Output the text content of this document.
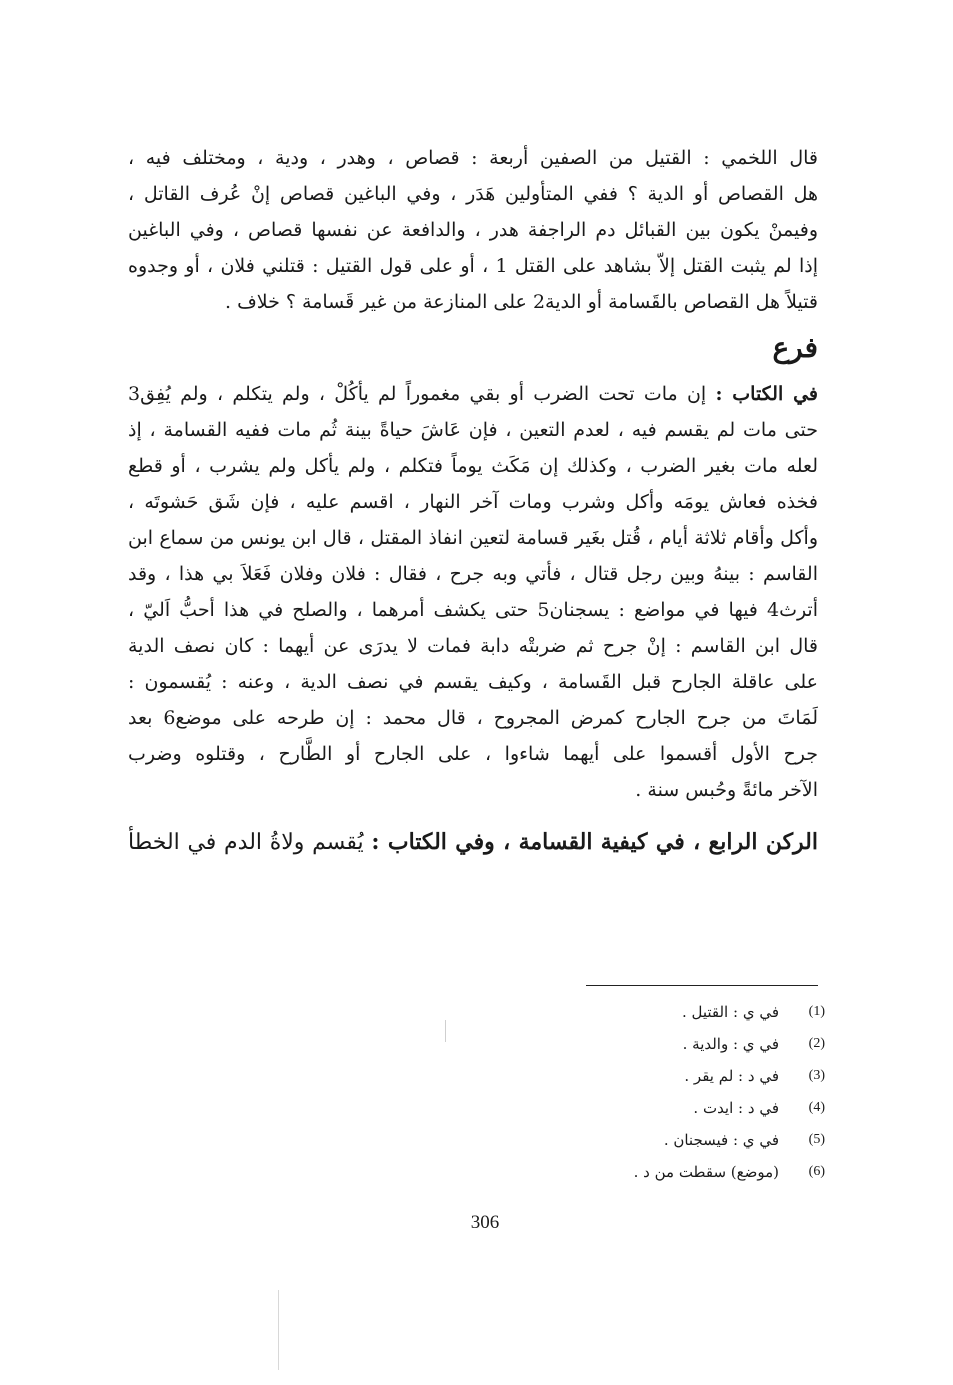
قال اللخمي : القتيل من الصفين أربعة : قصاص ، وهدر ، ودية ، ومختلف فيه ،
هل القصاص أو الدية ؟ ففي المتأولين هَدَر ، وفي الباغين قصاص إنْ عُرف القاتل ،
وفيمنْ يكون بين القبائل دم الراجفة هدر ، والدافعة عن نفسها قصاص ، وفي الباغين
إذا لم يثبت القتل إلاّ بشاهد على القتل 1 ، أو على قول القتيل : قتلني فلان ، أو وجدوه
قتيلاً هل القصاص بالقَسامة أو الدية2 على المنازعة من غير قَسامة ؟ خلاف .
فرع
في الكتاب : إن مات تحت الضرب أو بقي مغموراً لم يأكُلْ ، ولم يتكلم ، ولم يُفِق3
حتى مات لم يقسم فيه ، لعدم التعين ، فإن عَاشَ حياةً بينة ثُم مات ففيه القسامة ، إذ
لعله مات بغير الضرب ، وكذلك إن مَكَث يوماً فتكلم ، ولم يأكل ولم يشرب ، أو قطع
فخذه فعاش يومَه وأكل وشرب ومات آخر النهار ، اقسم عليه ، فإن شَق حَشوتَه ،
وأكل وأقام ثلاثة أيام ، قُتل بغَير قسامة لتعين انفاذ المقتل ، قال ابن يونس من سماع ابن
القاسم : بينهُ وبين رجل قتال ، فأتي وبه جرح ، فقال : فلان وفلان فَعَلاَ بي هذا ، وقد
أترث4 فيها في مواضع : يسجنان5 حتى يكشف أمرهما ، والصلح في هذا أحبُّ اَليّ ،
قال ابن القاسم : إنْ جرح ثم ضربتْه دابة فمات لا يدرَى عن أيهما : كان نصف الدية
على عاقلة الجارح قبل القَسامة ، وكيف يقسم في نصف الدية ، وعنه : يُقسمون :
لَمَاتَ من جرح الجارح كمرض المجروح ، قال محمد : إن طرحه على موضع6 بعد
جرح الأول أقسموا على أيهما شاءوا ، على الجارح أو الطَّارح ، وقتلوه وضرب
الآخر مائةً وحُبس سنة .
الركن الرابع ، في كيفية القسامة ، وفي الكتاب : يُقسم ولاةُ الدم في الخطأ
(1)
في ي : القتيل .
(2)
في ي : والدية .
(3)
في د : لم يقر .
(4)
في د : ايدت .
(5)
في ي : فيسجنان .
(6)
(موضع) سقطت من د .
306
